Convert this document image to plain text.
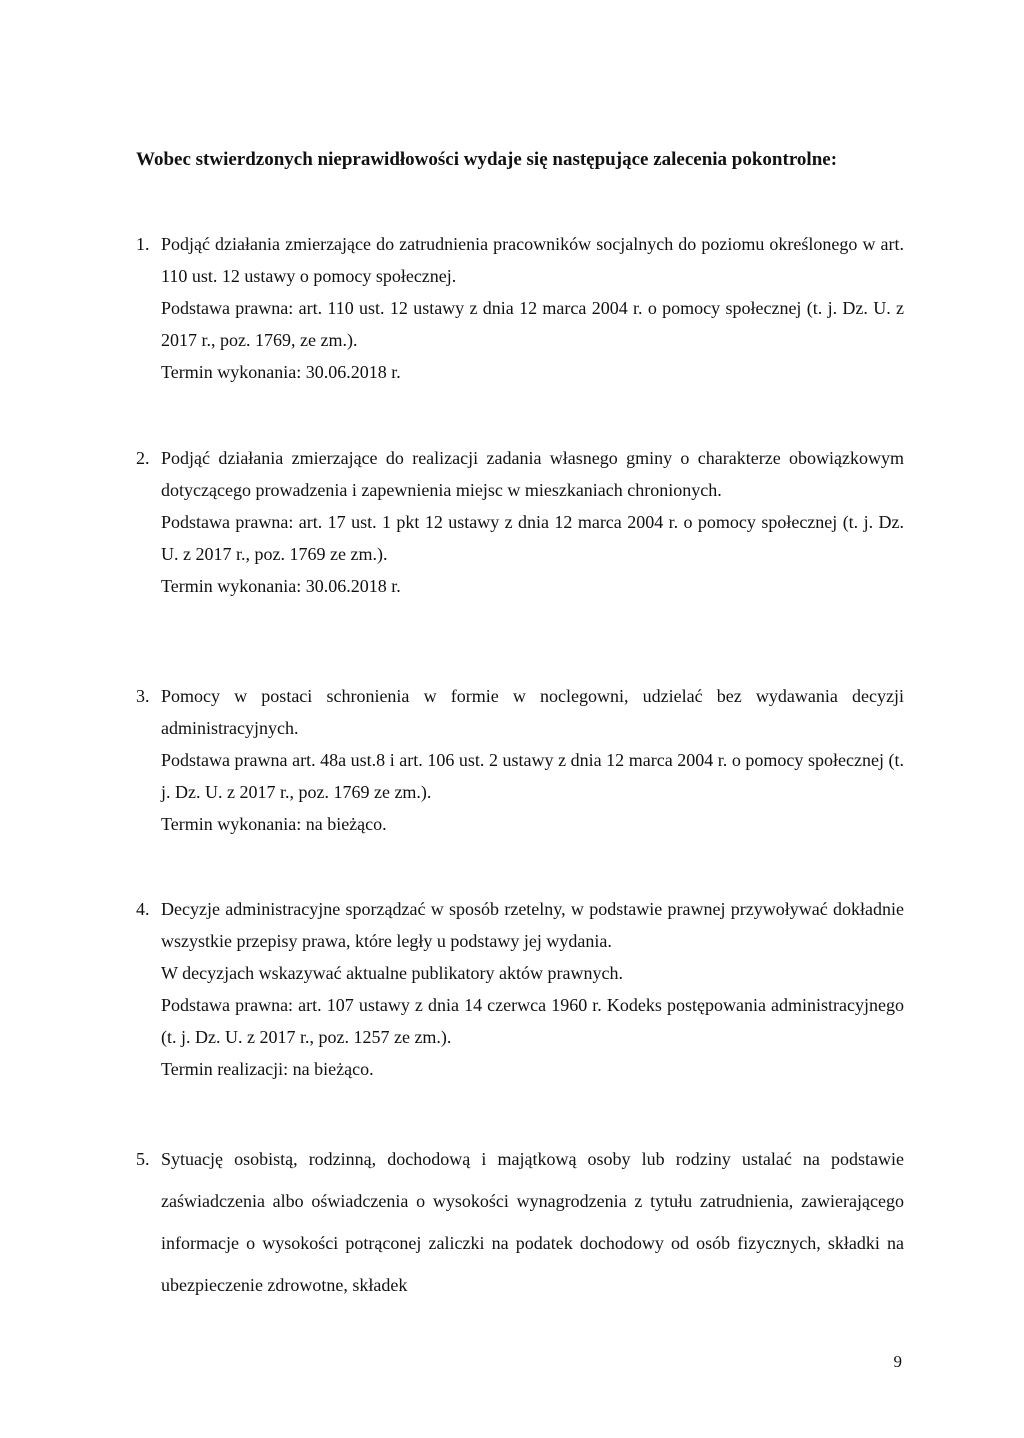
Wobec stwierdzonych nieprawidłowości wydaje się następujące zalecenia pokontrolne:
1. Podjąć działania zmierzające do zatrudnienia pracowników socjalnych do poziomu określonego w art. 110 ust. 12 ustawy o pomocy społecznej.

Podstawa prawna: art. 110 ust. 12 ustawy z dnia 12 marca 2004 r. o pomocy społecznej (t. j. Dz. U. z 2017 r., poz. 1769, ze zm.).

Termin wykonania: 30.06.2018 r.

2. Podjąć działania zmierzające do realizacji zadania własnego gminy o charakterze obowiązkowym dotyczącego prowadzenia i zapewnienia miejsc w mieszkaniach chronionych.

Podstawa prawna: art. 17 ust. 1 pkt 12 ustawy z dnia 12 marca 2004 r. o pomocy społecznej (t. j. Dz. U. z 2017 r., poz. 1769 ze zm.).

Termin wykonania: 30.06.2018 r.

3. Pomocy w postaci schronienia w formie w noclegowni, udzielać bez wydawania decyzji administracyjnych.

Podstawa prawna art. 48a ust.8 i art. 106 ust. 2 ustawy z dnia 12 marca 2004 r. o pomocy społecznej (t. j. Dz. U. z 2017 r., poz. 1769 ze zm.).

Termin wykonania: na bieżąco.

4. Decyzje administracyjne sporządzać w sposób rzetelny, w podstawie prawnej przywoływać dokładnie wszystkie przepisy prawa, które legły u podstawy jej wydania.

W decyzjach wskazywać aktualne publikatory aktów prawnych.

Podstawa prawna: art. 107 ustawy z dnia 14 czerwca 1960 r. Kodeks postępowania administracyjnego (t. j. Dz. U. z 2017 r., poz. 1257 ze zm.).

Termin realizacji: na bieżąco.

5. Sytuację osobistą, rodzinną, dochodową i majątkową osoby lub rodziny ustalać na podstawie zaświadczenia albo oświadczenia o wysokości wynagrodzenia z tytułu zatrudnienia, zawierającego informacje o wysokości potrąconej zaliczki na podatek dochodowy od osób fizycznych, składki na ubezpieczenie zdrowotne, składek

9
